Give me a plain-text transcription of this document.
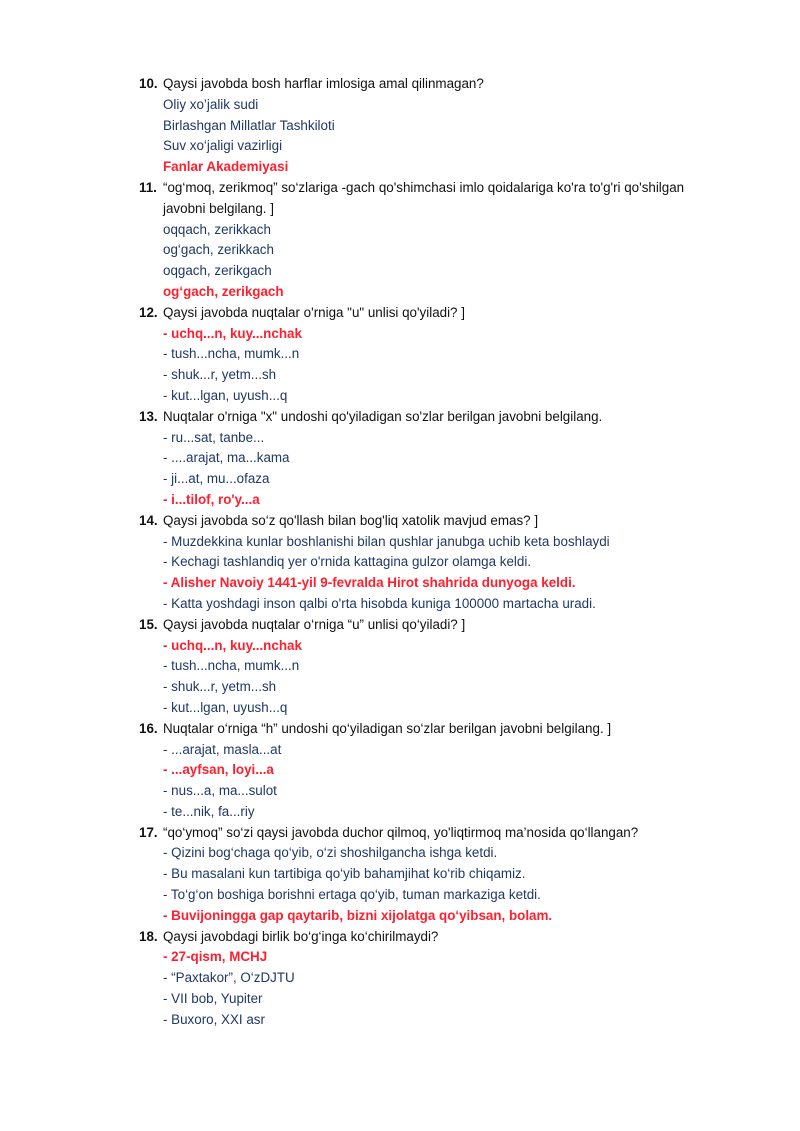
10. Qaysi javobda bosh harflar imlosiga amal qilinmagan?
Oliy xo’jalik sudi
Birlashgan Millatlar Tashkiloti
Suv xo‘jaligi vazirligi
Fanlar Akademiyasi
11. “og‘moq, zerikmoq” so‘zlariga -gach qo'shimchasi imlo qoidalariga ko'ra to'g'ri qo'shilgan
javobni belgilang. ]
oqqach, zerikkach
og‘gach, zerikkach
oqgach, zerikgach
og‘gach, zerikgach
12. Qaysi javobda nuqtalar o'rniga "u" unlisi qo'yiladi? ]
- uchq...n, kuy...nchak
- tush...ncha, mumk...n
- shuk...r, yetm...sh
- kut...lgan, uyush...q
13. Nuqtalar o'rniga "x" undoshi qo'yiladigan so'zlar berilgan javobni belgilang.
- ru...sat, tanbe...
- ....arajat, ma...kama
- ji...at, mu...ofaza
- i...tilof, ro'y...a
14. Qaysi javobda so‘z qo'llash bilan bog'liq xatolik mavjud emas? ]
- Muzdekkina kunlar boshlanishi bilan qushlar janubga uchib keta boshlaydi
- Kechagi tashlandiq yer o'rnida kattagina gulzor olamga keldi.
- Alisher Navoiy 1441-yil 9-fevralda Hirot shahrida dunyoga keldi.
- Katta yoshdagi inson qalbi o'rta hisobda kuniga 100000 martacha uradi.
15. Qaysi javobda nuqtalar o‘rniga “u” unlisi qo‘yiladi? ]
- uchq...n, kuy...nchak
- tush...ncha, mumk...n
- shuk...r, yetm...sh
- kut...lgan, uyush...q
16. Nuqtalar o‘rniga “h” undoshi qo‘yiladigan so‘zlar berilgan javobni belgilang. ]
- ...arajat, masla...at
- ...ayfsan, loyi...a
- nus...a, ma...sulot
- te...nik, fa...riy
17. “qo‘ymoq” so‘zi qaysi javobda duchor qilmoq, yo'liqtirmoq ma’nosida qo‘llangan?
- Qizini bog‘chaga qo‘yib, o‘zi shoshilgancha ishga ketdi.
- Bu masalani kun tartibiga qo‘yib bahamjihat ko‘rib chiqamiz.
- To‘g‘on boshiga borishni ertaga qo‘yib, tuman markaziga ketdi.
- Buvijoningga gap qaytarib, bizni xijolatga qo‘yibsan, bolam.
18. Qaysi javobdagi birlik bo‘g‘inga ko‘chirilmaydi?
- 27-qism, MCHJ
- “Paxtakor”, O‘zDJTU
- VII bob, Yupiter
- Buxoro, XXI asr
